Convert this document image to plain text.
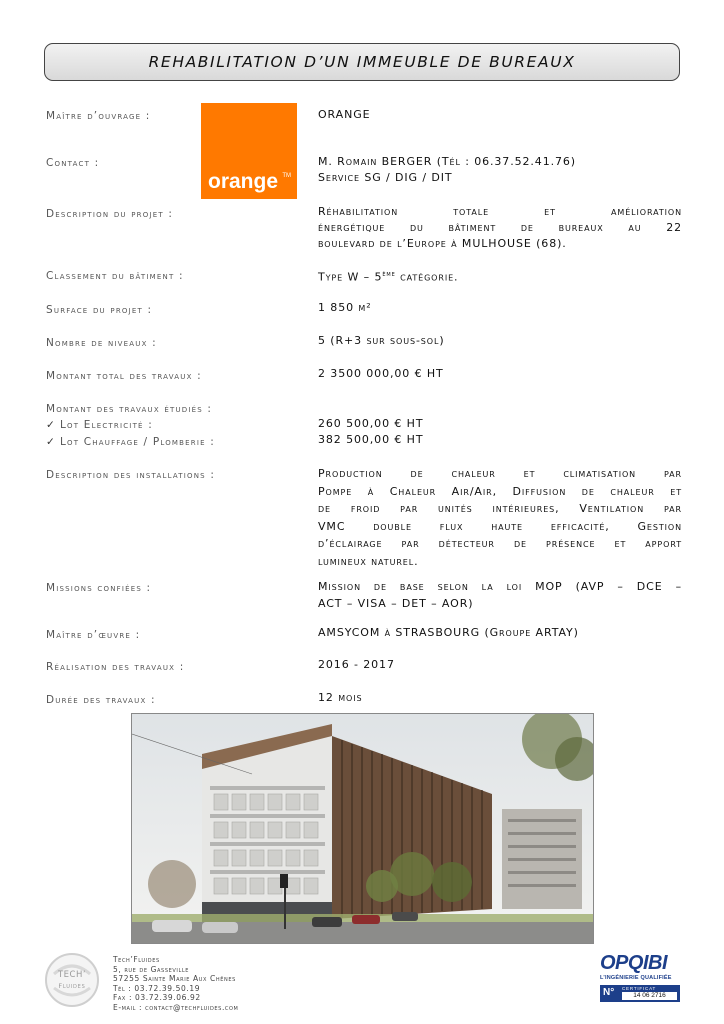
REHABILITATION D’UN IMMEUBLE DE BUREAUX
orange TM
Maître d’ouvrage :	ORANGE
Contact :	M. Romain BERGER (Tél : 06.37.52.41.76)
Service SG / DIG / DIT
Description du projet :	Réhabilitation totale et amélioration
énergétique du bâtiment de bureaux au 22
boulevard de l’Europe à MULHOUSE (68).
Classement du bâtiment :	Type W – 5ème catégorie.
Surface du projet :	1 850 m²
Nombre de niveaux :	5 (R+3 sur sous-sol)
Montant total des travaux :	2 3500 000,00 € HT
Montant des travaux étudiés :
✓ Lot Electricité :	260 500,00 € HT
✓ Lot Chauffage / Plomberie :	382 500,00 € HT
Description des installations :	Production de chaleur et climatisation par
Pompe à Chaleur Air/Air, Diffusion de chaleur et
de froid par unités intérieures, Ventilation par
VMC double flux haute efficacité, Gestion
d’éclairage par détecteur de présence et apport
lumineux naturel.
Missions confiées :	Mission de base selon la loi MOP (AVP – DCE –
ACT – VISA – DET – AOR)
Maître d’œuvre :	AMSYCOM à STRASBOURG (Groupe ARTAY)
Réalisation des travaux :	2016 - 2017
Durée des travaux :	12 mois
TECH’
Fluides
Tech’Fluides
5, rue de Gasseville
57255 Sainte Marie Aux Chênes
Tél : 03.72.39.50.19
Fax : 03.72.39.06.92
E-mail : contact@techfluides.com
OPQIBI
L’INGÉNIERIE QUALIFIÉE
N° CERTIFICAT
14 06 2716
